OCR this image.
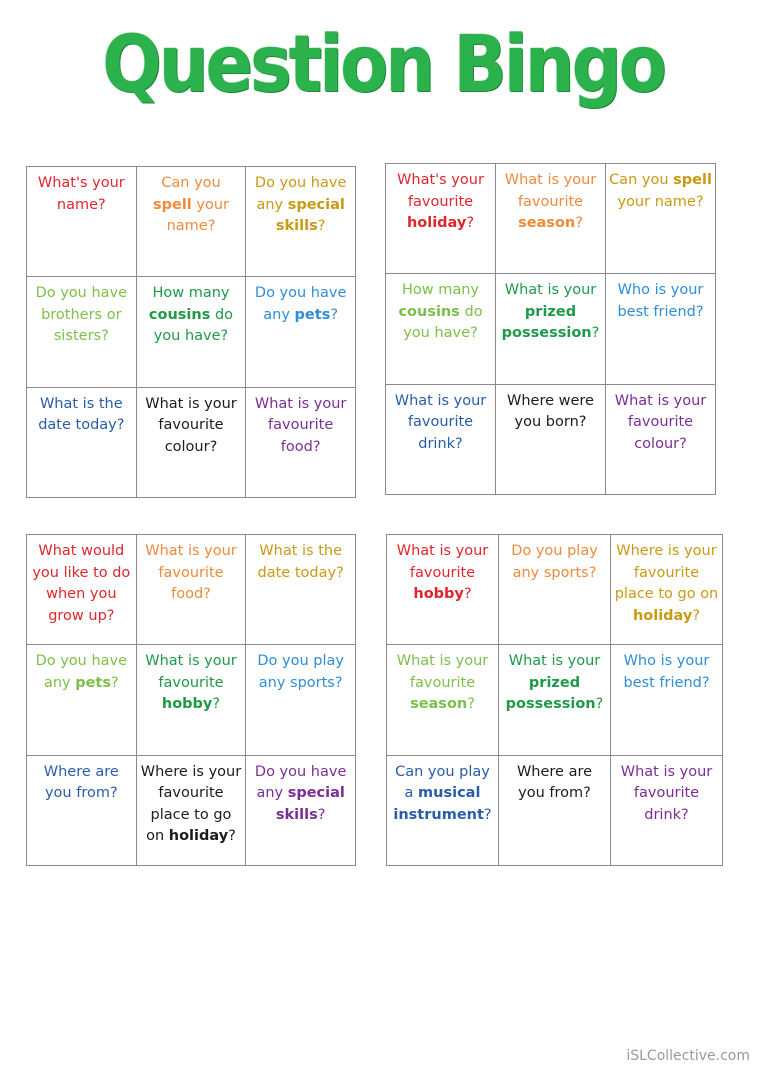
Question Bingo
What's your name?
Can you spell your name?
Do you have any special skills?
Do you have brothers or sisters?
How many cousins do you have?
Do you have any pets?
What is the date today?
What is your favourite colour?
What is your favourite food?
What's your favourite holiday?
What is your favourite season?
Can you spell your name?
How many cousins do you have?
What is your prized possession?
Who is your best friend?
What is your favourite drink?
Where were you born?
What is your favourite colour?
What would you like to do when you grow up?
What is your favourite food?
What is the date today?
Do you have any pets?
What is your favourite hobby?
Do you play any sports?
Where are you from?
Where is your favourite place to go on holiday?
Do you have any special skills?
What is your favourite hobby?
Do you play any sports?
Where is your favourite place to go on holiday?
What is your favourite season?
What is your prized possession?
Who is your best friend?
Can you play a musical instrument?
Where are you from?
What is your favourite drink?
iSLCollective.com
